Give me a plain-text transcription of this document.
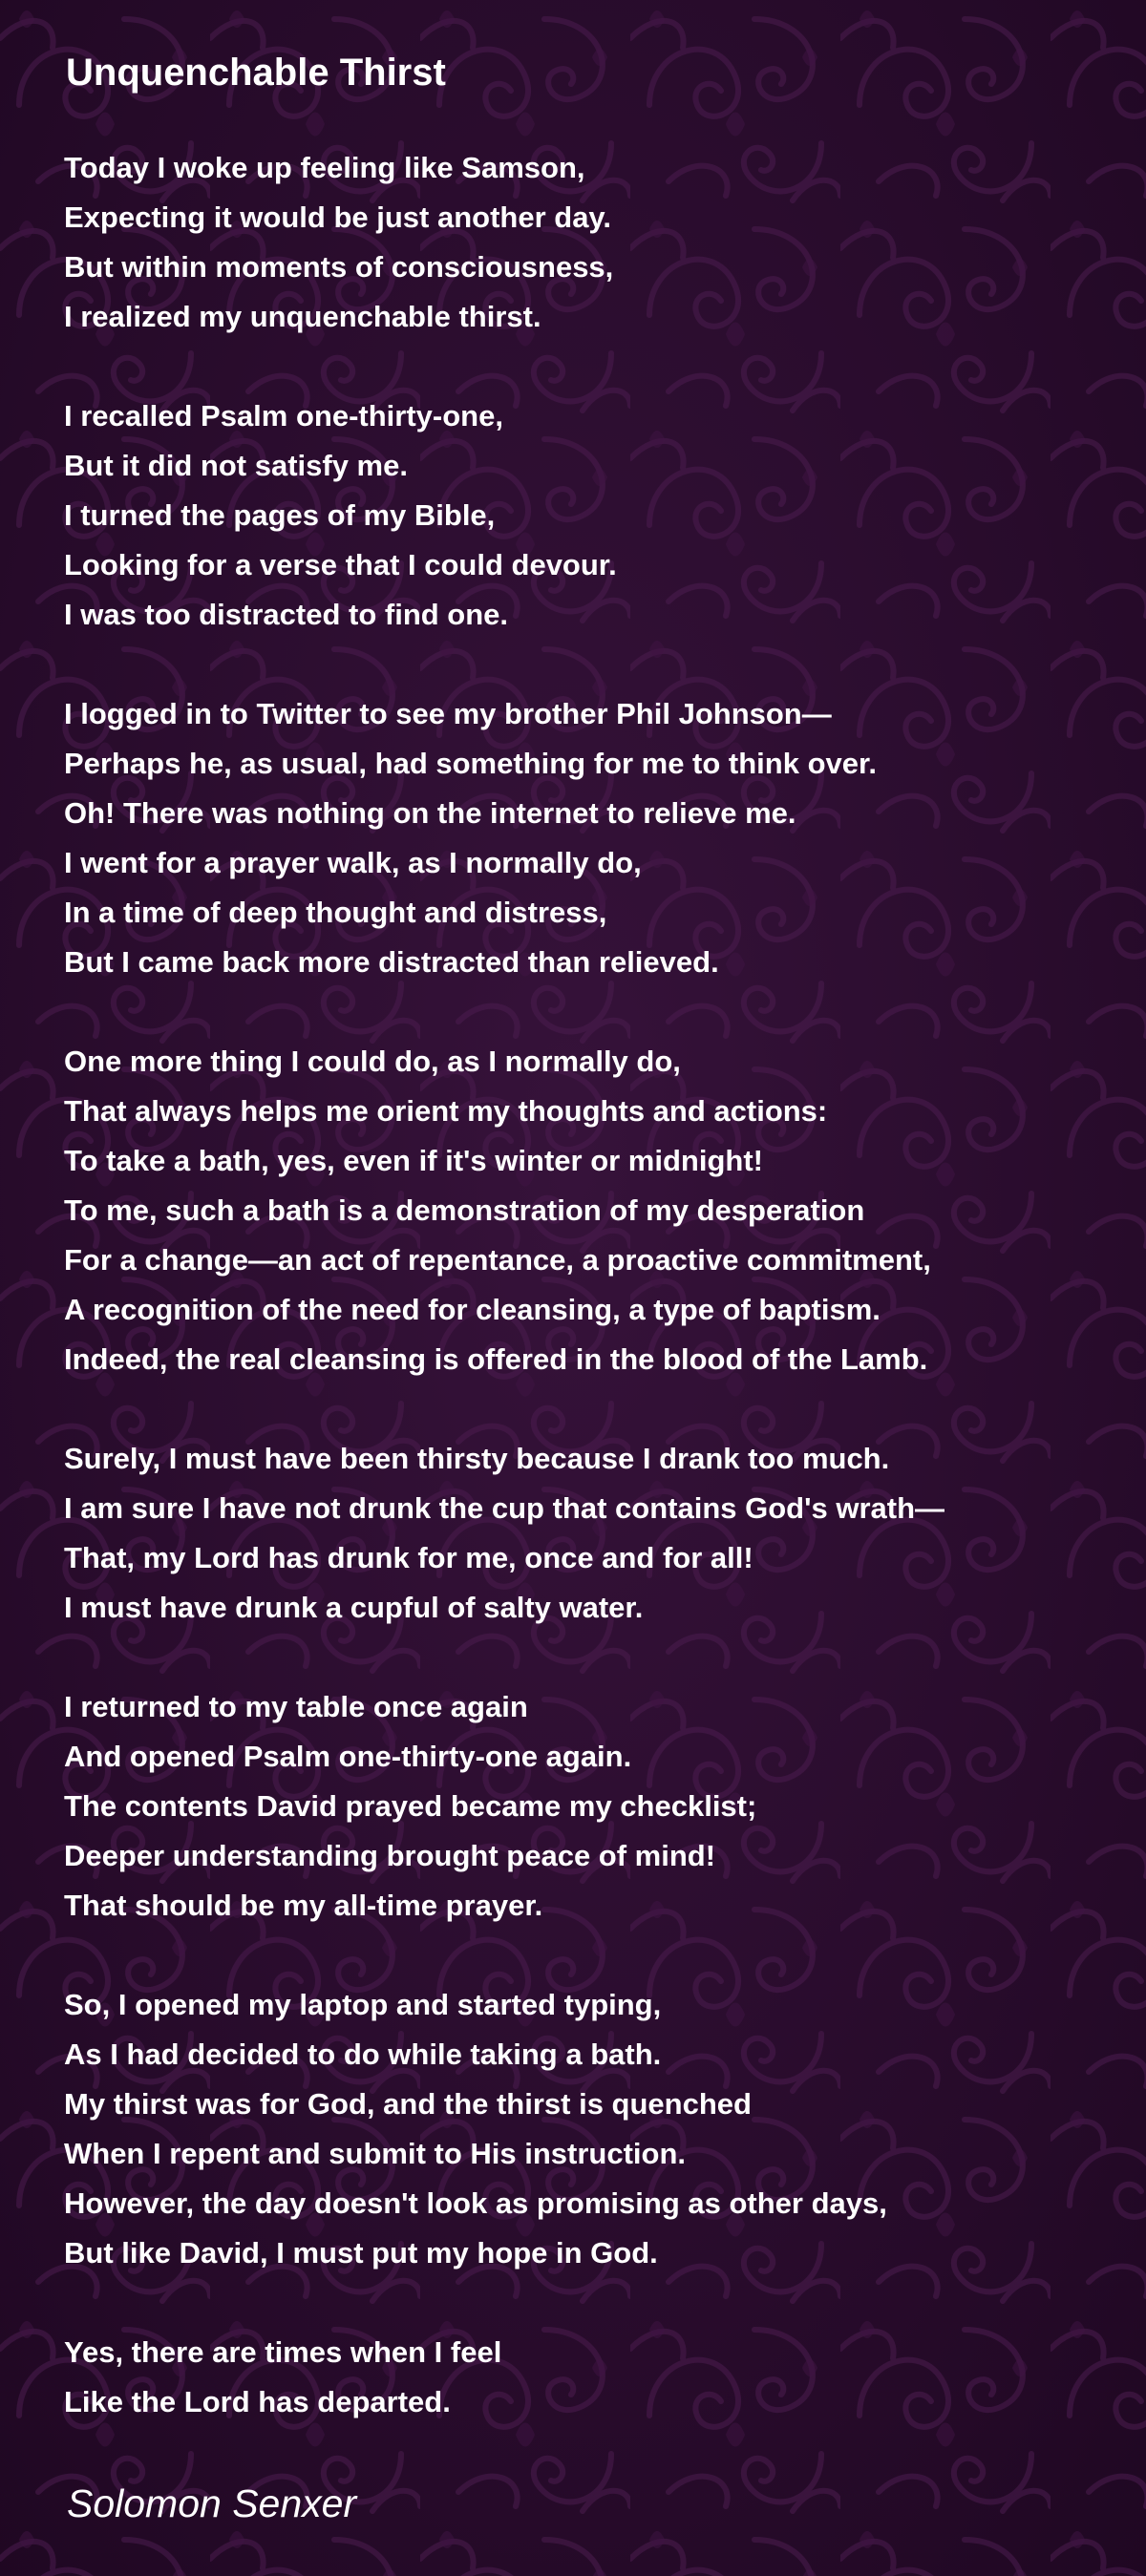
Unquenchable Thirst
Today I woke up feeling like Samson,
Expecting it would be just another day.
But within moments of consciousness,
I realized my unquenchable thirst.
I recalled Psalm one-thirty-one,
But it did not satisfy me.
I turned the pages of my Bible,
Looking for a verse that I could devour.
I was too distracted to find one.
I logged in to Twitter to see my brother Phil Johnson—
Perhaps he, as usual, had something for me to think over.
Oh! There was nothing on the internet to relieve me.
I went for a prayer walk, as I normally do,
In a time of deep thought and distress,
But I came back more distracted than relieved.
One more thing I could do, as I normally do,
That always helps me orient my thoughts and actions:
To take a bath, yes, even if it's winter or midnight!
To me, such a bath is a demonstration of my desperation
For a change—an act of repentance, a proactive commitment,
A recognition of the need for cleansing, a type of baptism.
Indeed, the real cleansing is offered in the blood of the Lamb.
Surely, I must have been thirsty because I drank too much.
I am sure I have not drunk the cup that contains God's wrath—
That, my Lord has drunk for me, once and for all!
I must have drunk a cupful of salty water.
I returned to my table once again
And opened Psalm one-thirty-one again.
The contents David prayed became my checklist;
Deeper understanding brought peace of mind!
That should be my all-time prayer.
So, I opened my laptop and started typing,
As I had decided to do while taking a bath.
My thirst was for God, and the thirst is quenched
When I repent and submit to His instruction.
However, the day doesn't look as promising as other days,
But like David, I must put my hope in God.
Yes, there are times when I feel
Like the Lord has departed.

Solomon Senxer
